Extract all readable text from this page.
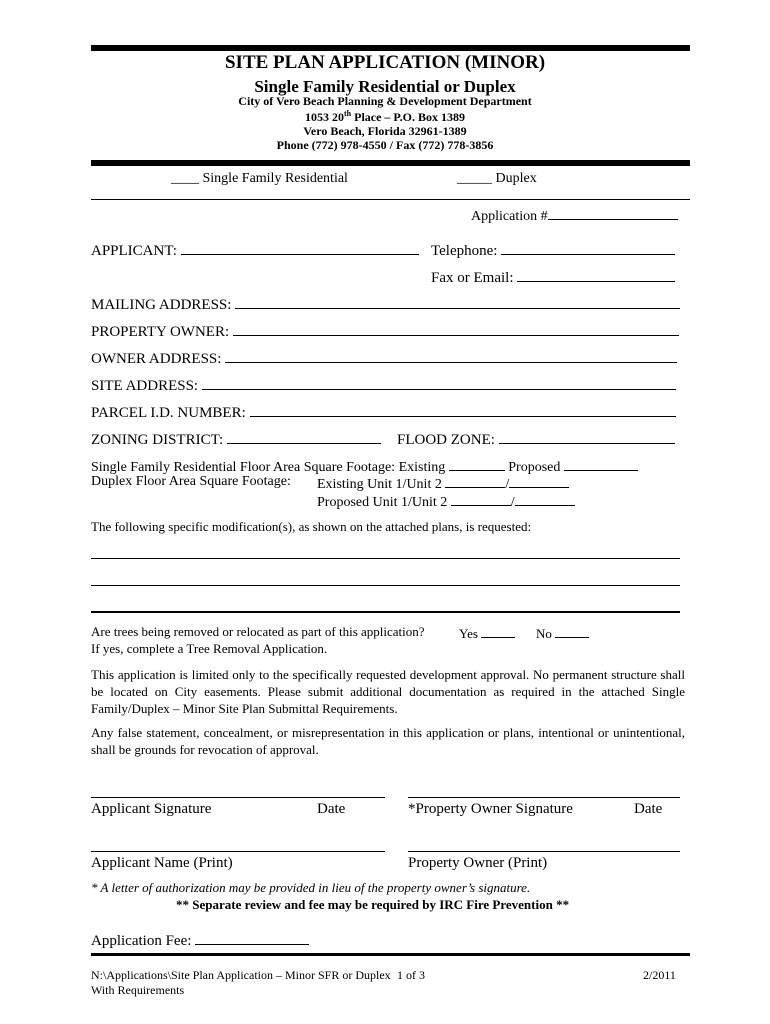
SITE PLAN APPLICATION (MINOR)
Single Family Residential or Duplex
City of Vero Beach Planning & Development Department
1053 20th Place – P.O. Box 1389
Vero Beach, Florida 32961-1389
Phone (772) 978-4550 / Fax (772) 778-3856
____ Single Family Residential	_____ Duplex
Application #
APPLICANT:	Telephone:
Fax or Email:
MAILING ADDRESS:
PROPERTY OWNER:
OWNER ADDRESS:
SITE ADDRESS:
PARCEL I.D. NUMBER:
ZONING DISTRICT:	FLOOD ZONE:
Single Family Residential Floor Area Square Footage: Existing	Proposed
Duplex Floor Area Square Footage: Existing Unit 1/Unit 2	/
Proposed Unit 1/Unit 2	/
The following specific modification(s), as shown on the attached plans, is requested:
Are trees being removed or relocated as part of this application?	Yes	No
If yes, complete a Tree Removal Application.
This application is limited only to the specifically requested development approval. No permanent structure shall be located on City easements. Please submit additional documentation as required in the attached Single Family/Duplex – Minor Site Plan Submittal Requirements.
Any false statement, concealment, or misrepresentation in this application or plans, intentional or unintentional, shall be grounds for revocation of approval.
Applicant Signature	Date	*Property Owner Signature	Date
Applicant Name (Print)	Property Owner (Print)
* A letter of authorization may be provided in lieu of the property owner’s signature.
** Separate review and fee may be required by IRC Fire Prevention **
Application Fee:
N:\Applications\Site Plan Application – Minor SFR or Duplex
With Requirements
1 of 3	2/2011
